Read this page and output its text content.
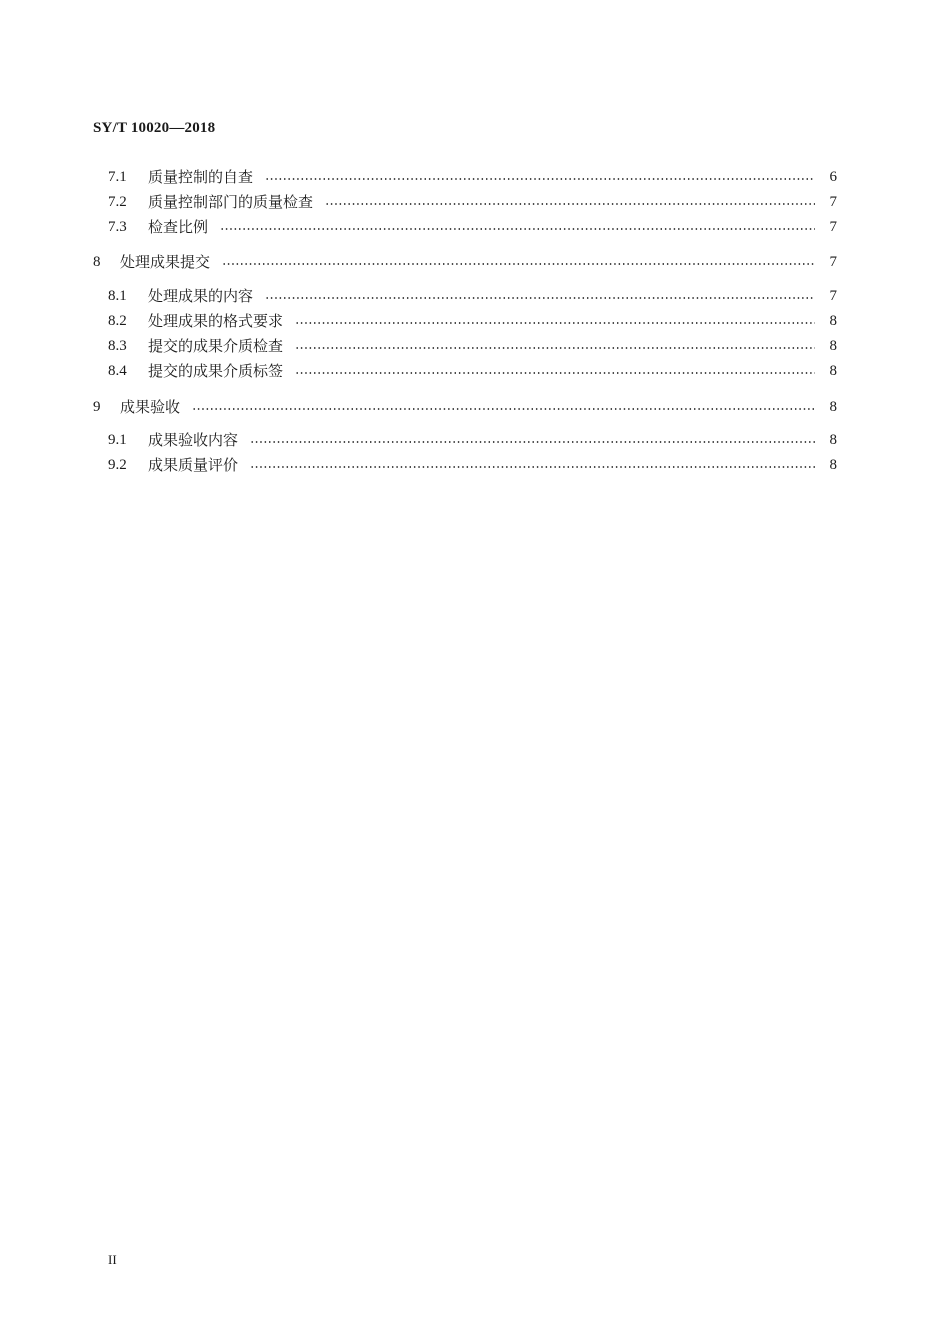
SY/T 10020—2018
7.1	质量控制的自查	6
7.2	质量控制部门的质量检查	7
7.3	检查比例	7
8	处理成果提交	7
8.1	处理成果的内容	7
8.2	处理成果的格式要求	8
8.3	提交的成果介质检查	8
8.4	提交的成果介质标签	8
9	成果验收	8
9.1	成果验收内容	8
9.2	成果质量评价	8
II
